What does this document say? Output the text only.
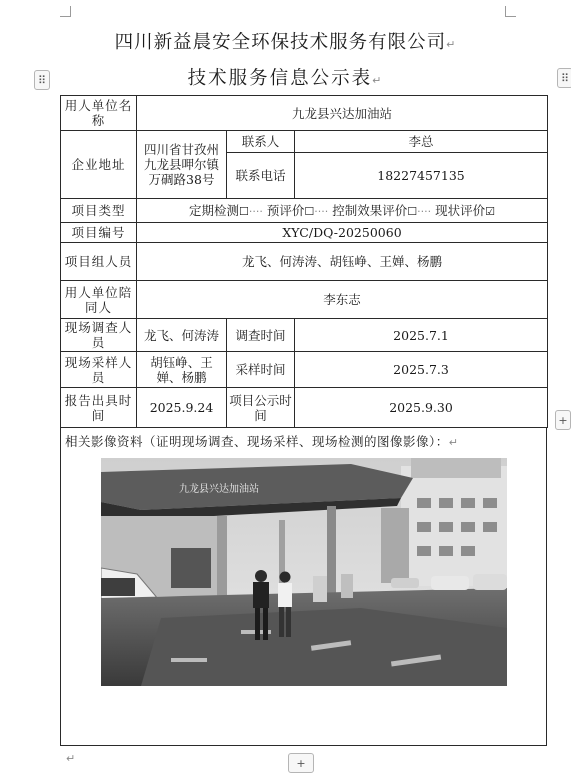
⠿	⠿
+
四川新益晨安全环保技术服务有限公司↵
技术服务信息公示表↵
用人单位名称	九龙县兴达加油站		
企业地址	四川省甘孜州九龙县呷尔镇万碉路38号	联系人	李总
		联系电话	18227457135
项目类型	定期检测☐···· 预评价☐···· 控制效果评价☐···· 现状评价☑		
项目编号	XYC/DQ-20250060		
项目组人员	龙飞、何涛涛、胡钰峥、王婵、杨鹏		
用人单位陪同人	李东志		
现场调查人员	龙飞、何涛涛	调查时间	2025.7.1
现场采样人员	胡钰峥、王婵、杨鹏	采样时间	2025.7.3
报告出具时间	2025.9.24	项目公示时间	2025.9.30
相关影像资料（证明现场调查、现场采样、现场检测的图像影像）：↵
九龙县兴达加油站
↵	+
